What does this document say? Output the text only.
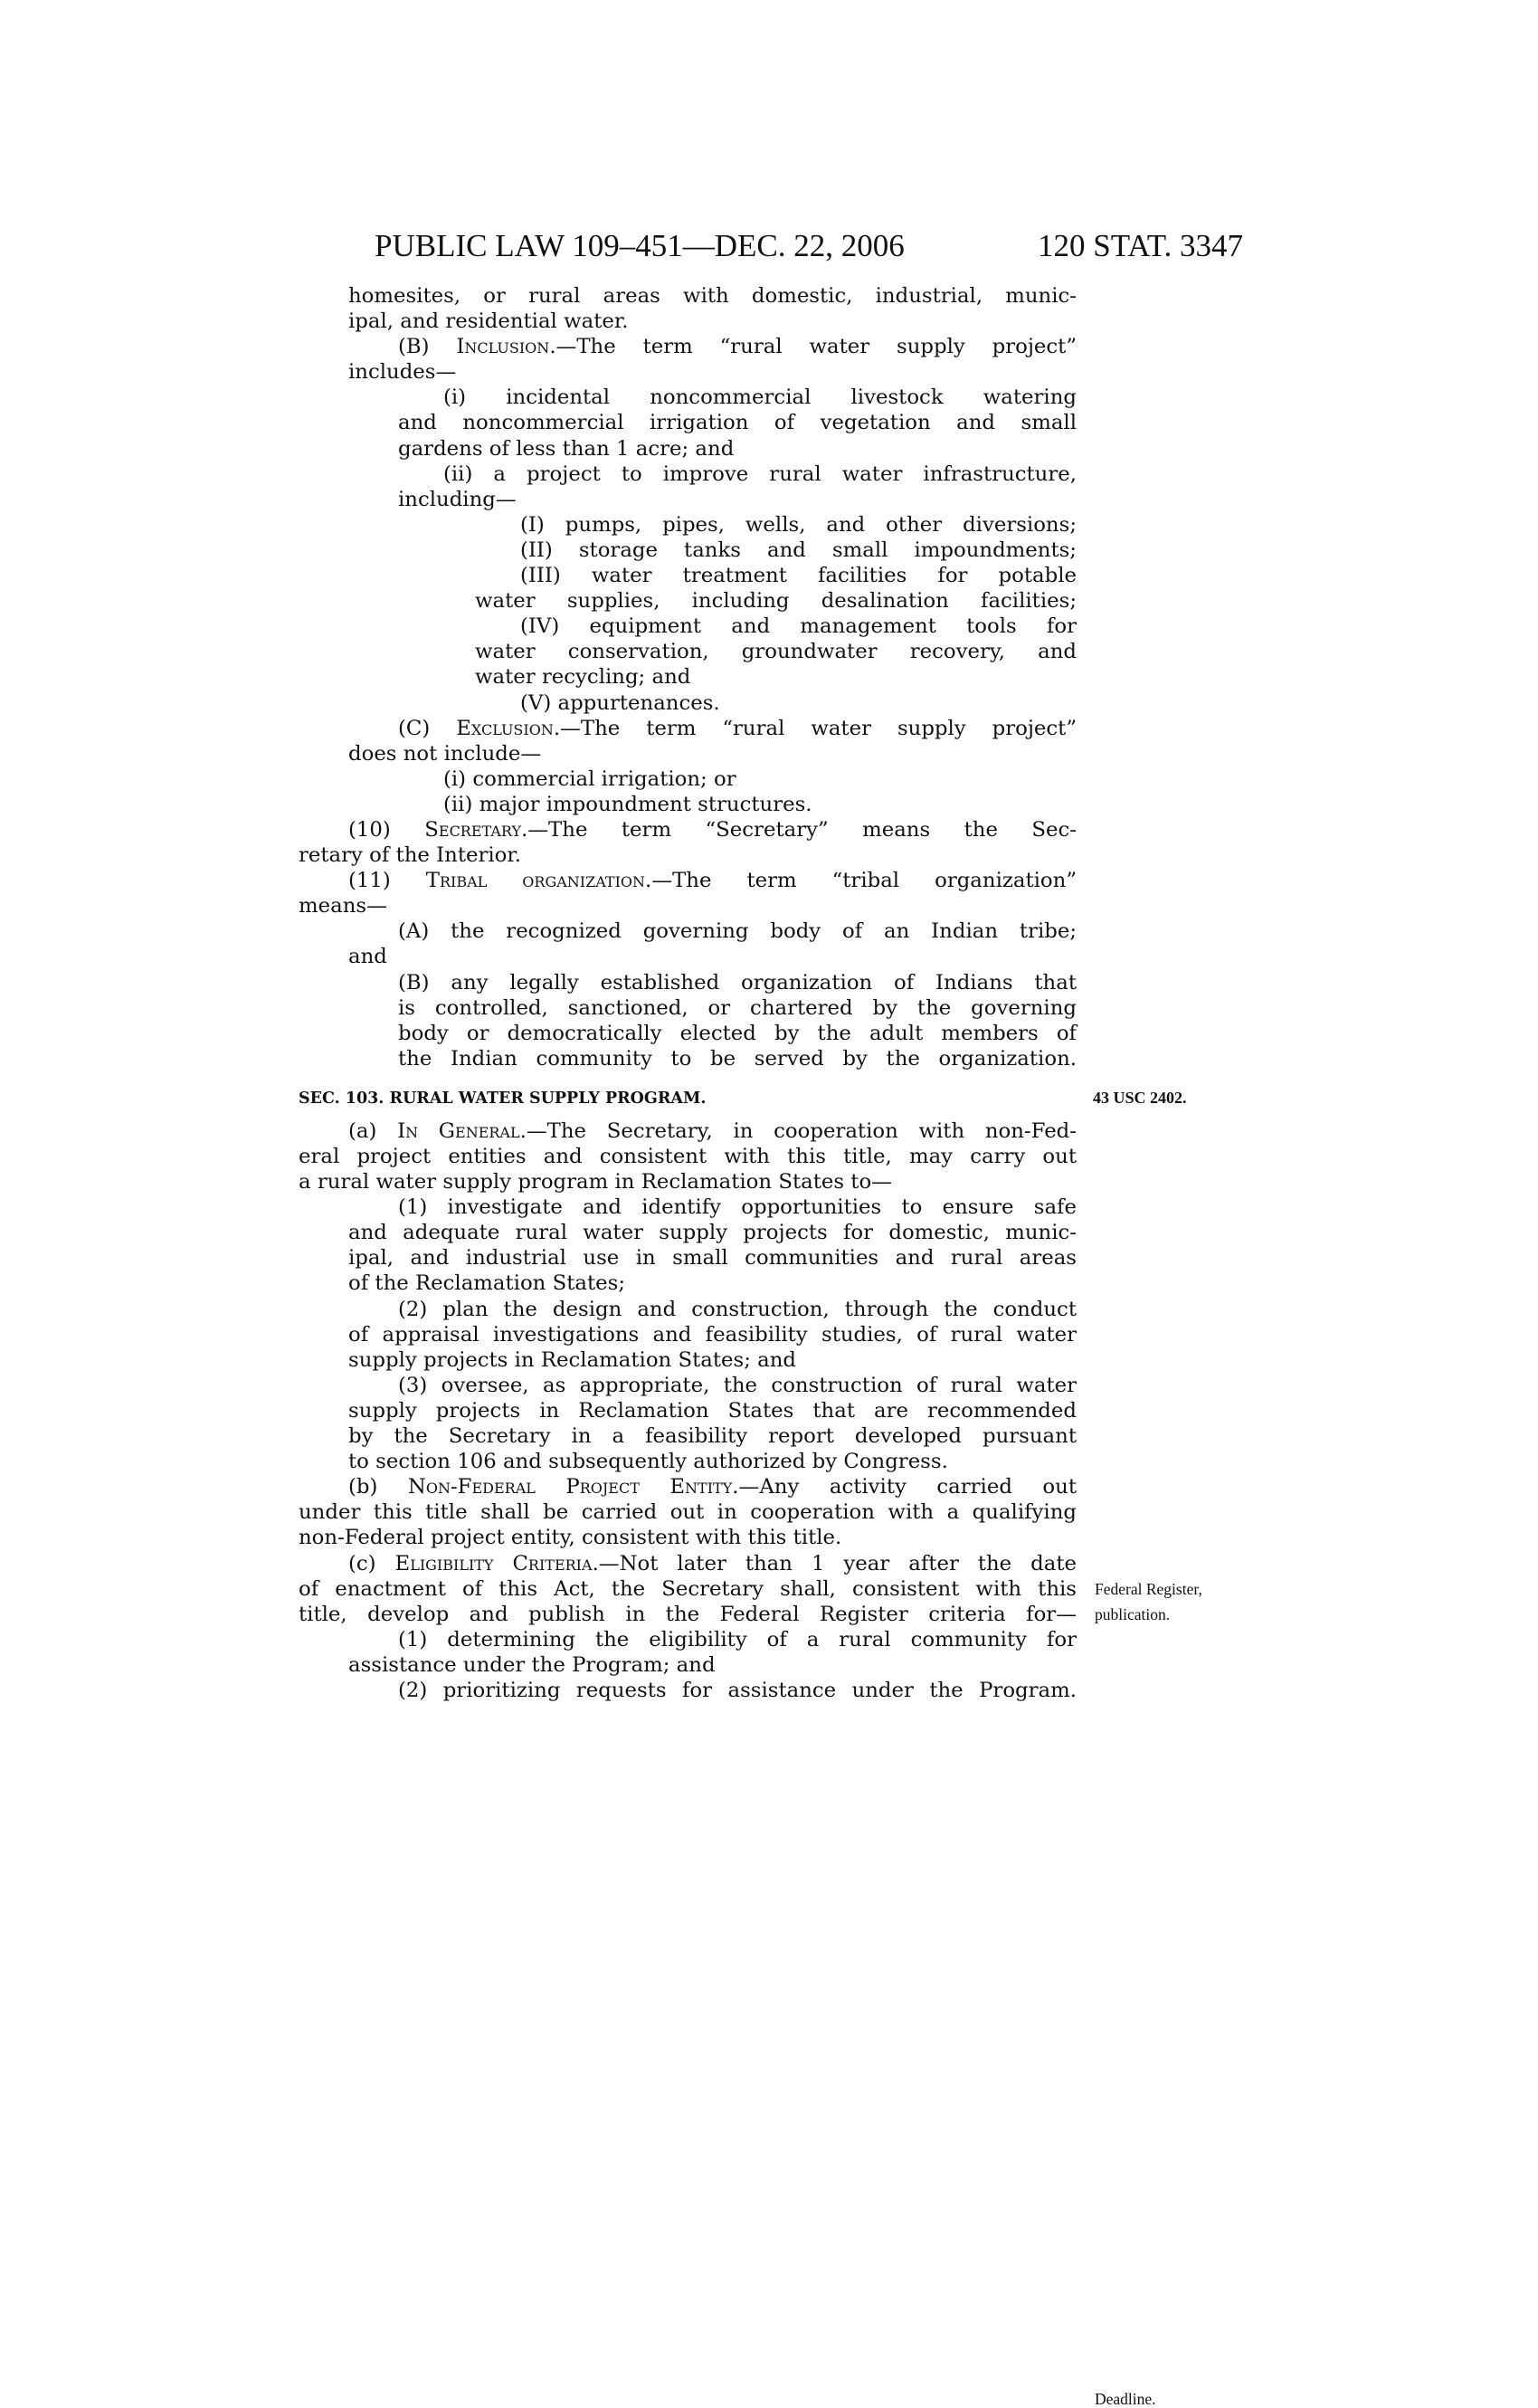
PUBLIC LAW 109–451—DEC. 22, 2006	120 STAT. 3347
homesites, or rural areas with domestic, industrial, munic-
ipal, and residential water.
(B) Inclusion.—The term “rural water supply project”
includes—
(i) incidental noncommercial livestock watering
and noncommercial irrigation of vegetation and small
gardens of less than 1 acre; and
(ii) a project to improve rural water infrastructure,
including—
(I) pumps, pipes, wells, and other diversions;
(II) storage tanks and small impoundments;
(III) water treatment facilities for potable
water supplies, including desalination facilities;
(IV) equipment and management tools for
water conservation, groundwater recovery, and
water recycling; and
(V) appurtenances.
(C) Exclusion.—The term “rural water supply project”
does not include—
(i) commercial irrigation; or
(ii) major impoundment structures.
(10) Secretary.—The term “Secretary” means the Sec-
retary of the Interior.
(11) Tribal organization.—The term “tribal organization”
means—
(A) the recognized governing body of an Indian tribe;
and
(B) any legally established organization of Indians that
is controlled, sanctioned, or chartered by the governing
body or democratically elected by the adult members of
the Indian community to be served by the organization.
SEC. 103. RURAL WATER SUPPLY PROGRAM.	43 USC 2402.
(a) In General.—The Secretary, in cooperation with non-Fed-
eral project entities and consistent with this title, may carry out
a rural water supply program in Reclamation States to—
(1) investigate and identify opportunities to ensure safe
and adequate rural water supply projects for domestic, munic-
ipal, and industrial use in small communities and rural areas
of the Reclamation States;
(2) plan the design and construction, through the conduct
of appraisal investigations and feasibility studies, of rural water
supply projects in Reclamation States; and
(3) oversee, as appropriate, the construction of rural water
supply projects in Reclamation States that are recommended
by the Secretary in a feasibility report developed pursuant
to section 106 and subsequently authorized by Congress.
(b) Non-Federal Project Entity.—Any activity carried out
under this title shall be carried out in cooperation with a qualifying
non-Federal project entity, consistent with this title.
(c) Eligibility Criteria.—Not later than 1 year after the date
Deadline.
of enactment of this Act, the Secretary shall, consistent with this Federal Register,
title, develop and publish in the Federal Register criteria for— publication.
(1) determining the eligibility of a rural community for
assistance under the Program; and
(2) prioritizing requests for assistance under the Program.
